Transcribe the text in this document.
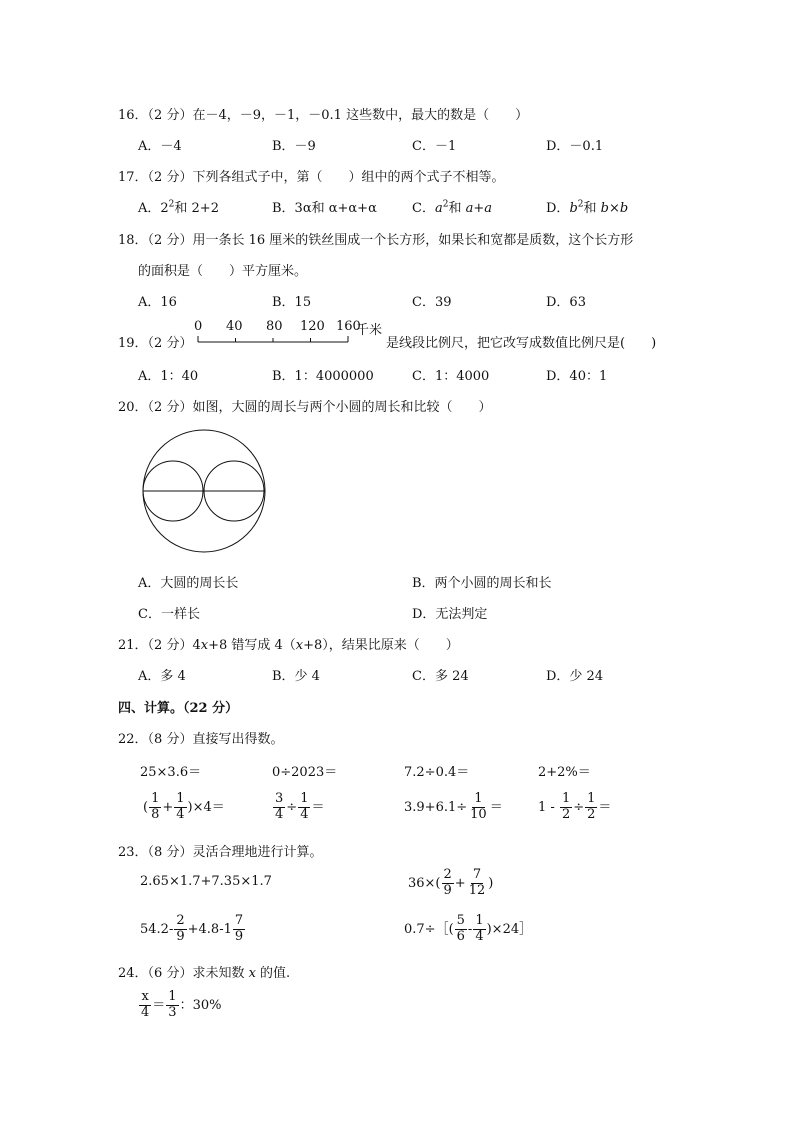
16．（2 分）在－4，－9，－1，－0.1 这些数中，最大的数是（　　）
A．－4	B．－9	C．－1	D．－0.1
17．（2 分）下列各组式子中，第（　　）组中的两个式子不相等。
A．$2^2$和 2+2	B．3α和 α+α+α	C．$a^2$和 a+a	D．$b^2$和 b×b
18．（2 分）用一条长 16 厘米的铁丝围成一个长方形，如果长和宽都是质数，这个长方形
的面积是（　　）平方厘米。
A．16	B．15	C．39	D．63
19．（2 分）
0 40 80 120 160
千米
是线段比例尺，把它改写成数值比例尺是(　　)
A．1：40	B．1：4000000	C．1：4000	D．40：1
20．（2 分）如图，大圆的周长与两个小圆的周长和比较（　　）
A．大圆的周长长	B．两个小圆的周长和长
C．一样长	D．无法判定
21．（2 分）4x+8 错写成 4（x+8），结果比原来（　　）
A．多 4	B．少 4	C．多 24	D．少 24
四、计算。（22 分）
22．（8 分）直接写出得数。
25×3.6＝	0÷2023＝	7.2÷0.4＝	2+2%＝
( $\frac{1}{8} + \frac{1}{4} )\times 4=$	$\frac{3}{4} \div \frac{1}{4}$ ＝	$3.9+6.1\div \frac{1}{10}$ ＝	$1 - \frac{1}{2} \div \frac{1}{2}$ ＝
23．（8 分）灵活合理地进行计算。
2.65×1.7+7.35×1.7	$36\times( \frac{2}{9} + \frac{7}{12}$ )
$54.2- \frac{2}{9} +4.8-1 \frac{7}{9}$	0.7÷［( $\frac{5}{6} - \frac{1}{4}$ )×24］
24．（6 分）求未知数 x 的值.
$\frac{x}{4} = \frac{1}{3}$ ：30%
